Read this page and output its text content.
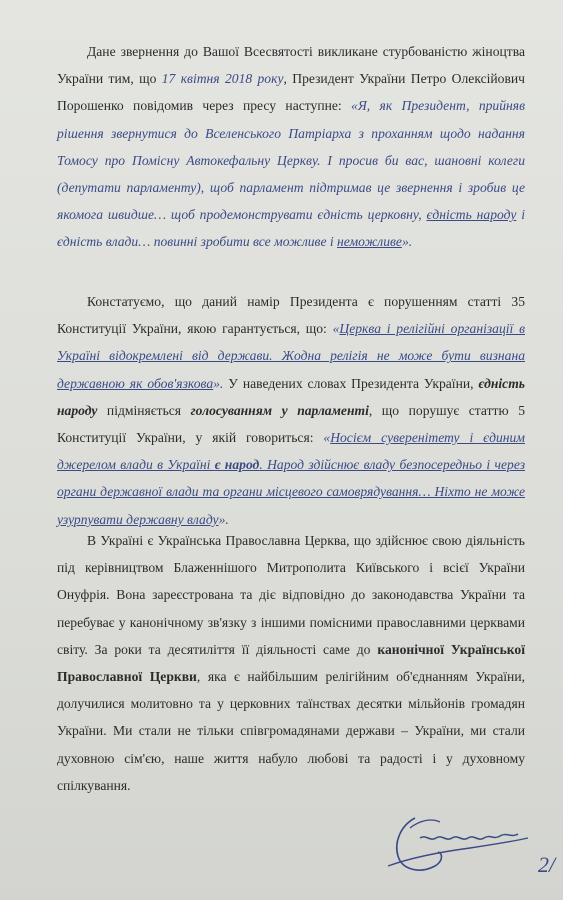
Дане звернення до Вашої Всесвятості викликане стурбованістю жіноцтва України тим, що 17 квітня 2018 року, Президент України Петро Олексійович Порошенко повідомив через пресу наступне: «Я, як Президент, прийняв рішення звернутися до Вселенського Патріарха з проханням щодо надання Томосу про Помісну Автокефальну Церкву. І просив би вас, шановні колеги (депутати парламенту), щоб парламент підтримав це звернення і зробив це якомога швидше… щоб продемонструвати єдність церковну, єдність народу і єдність влади… повинні зробити все можливе і неможливе».

Констатуємо, що даний намір Президента є порушенням статті 35 Конституції України, якою гарантується, що: «Церква і релігійні організації в Україні відокремлені від держави. Жодна релігія не може бути визнана державною як обов'язкова». У наведених словах Президента України, єдність народу підміняється голосуванням у парламенті, що порушує статтю 5 Конституції України, у якій говориться: «Носієм суверенітету і єдиним джерелом влади в Україні є народ. Народ здійснює владу безпосередньо і через органи державної влади та органи місцевого самоврядування… Ніхто не може узурпувати державну владу».

В Україні є Українська Православна Церква, що здійснює свою діяльність під керівництвом Блаженнішого Митрополита Київського і всієї України Онуфрія. Вона зареєстрована та діє відповідно до законодавства України та перебуває у канонічному зв'язку з іншими помісними православними церквами світу. За роки та десятиліття її діяльності саме до канонічної Української Православної Церкви, яка є найбільшим релігійним об'єднанням України, долучилися молитовно та у церковних таїнствах десятки мільйонів громадян України. Ми стали не тільки співгромадянами держави – України, ми стали духовною сім'єю, наше життя набуло любові та радості і у духовному спілкування.

2/
